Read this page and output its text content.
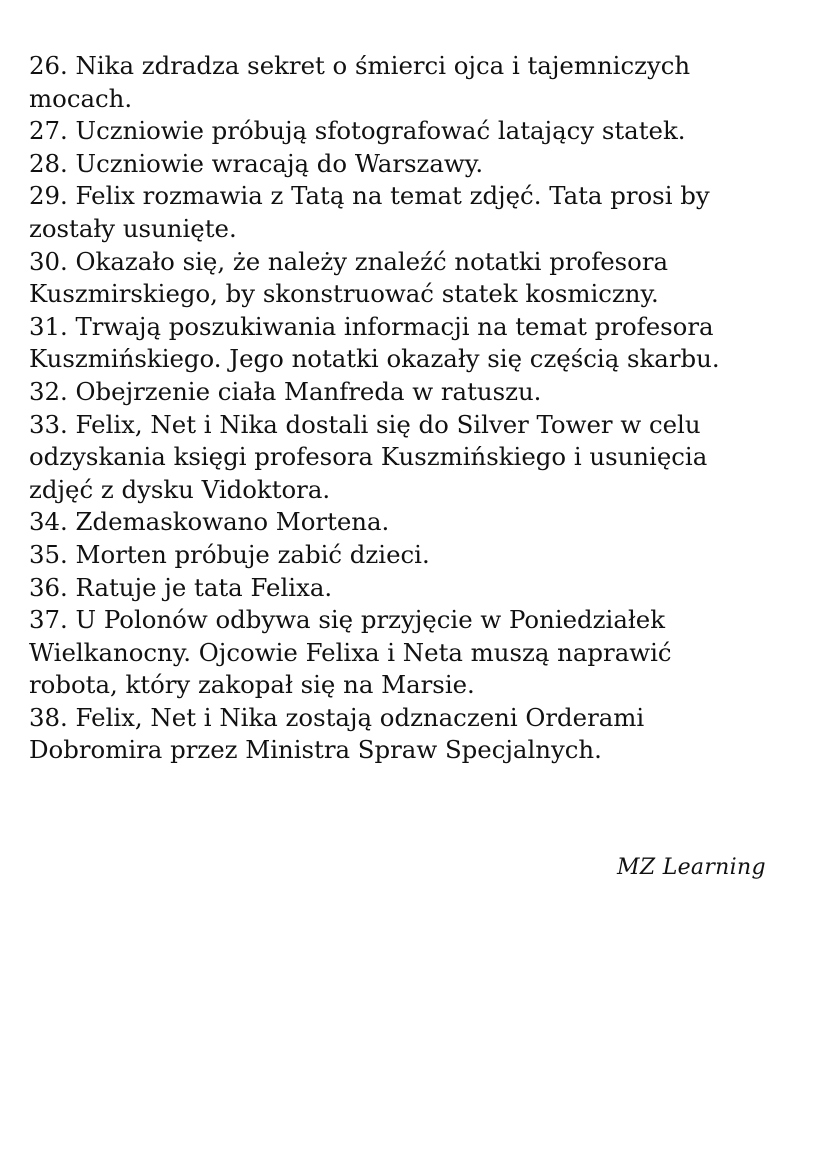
26. Nika zdradza sekret o śmierci ojca i tajemniczych
mocach.
27. Uczniowie próbują sfotografować latający statek.
28. Uczniowie wracają do Warszawy.
29. Felix rozmawia z Tatą na temat zdjęć. Tata prosi by
zostały usunięte.
30. Okazało się, że należy znaleźć notatki profesora
Kuszmirskiego, by skonstruować statek kosmiczny.
31. Trwają poszukiwania informacji na temat profesora
Kuszmińskiego. Jego notatki okazały się częścią skarbu.
32. Obejrzenie ciała Manfreda w ratuszu.
33. Felix, Net i Nika dostali się do Silver Tower w celu
odzyskania księgi profesora Kuszmińskiego i usunięcia
zdjęć z dysku Vidoktora.
34. Zdemaskowano Mortena.
35. Morten próbuje zabić dzieci.
36. Ratuje je tata Felixa.
37. U Polonów odbywa się przyjęcie w Poniedziałek
Wielkanocny. Ojcowie Felixa i Neta muszą naprawić
robota, który zakopał się na Marsie.
38. Felix, Net i Nika zostają odznaczeni Orderami
Dobromira przez Ministra Spraw Specjalnych.
MZ Learning
